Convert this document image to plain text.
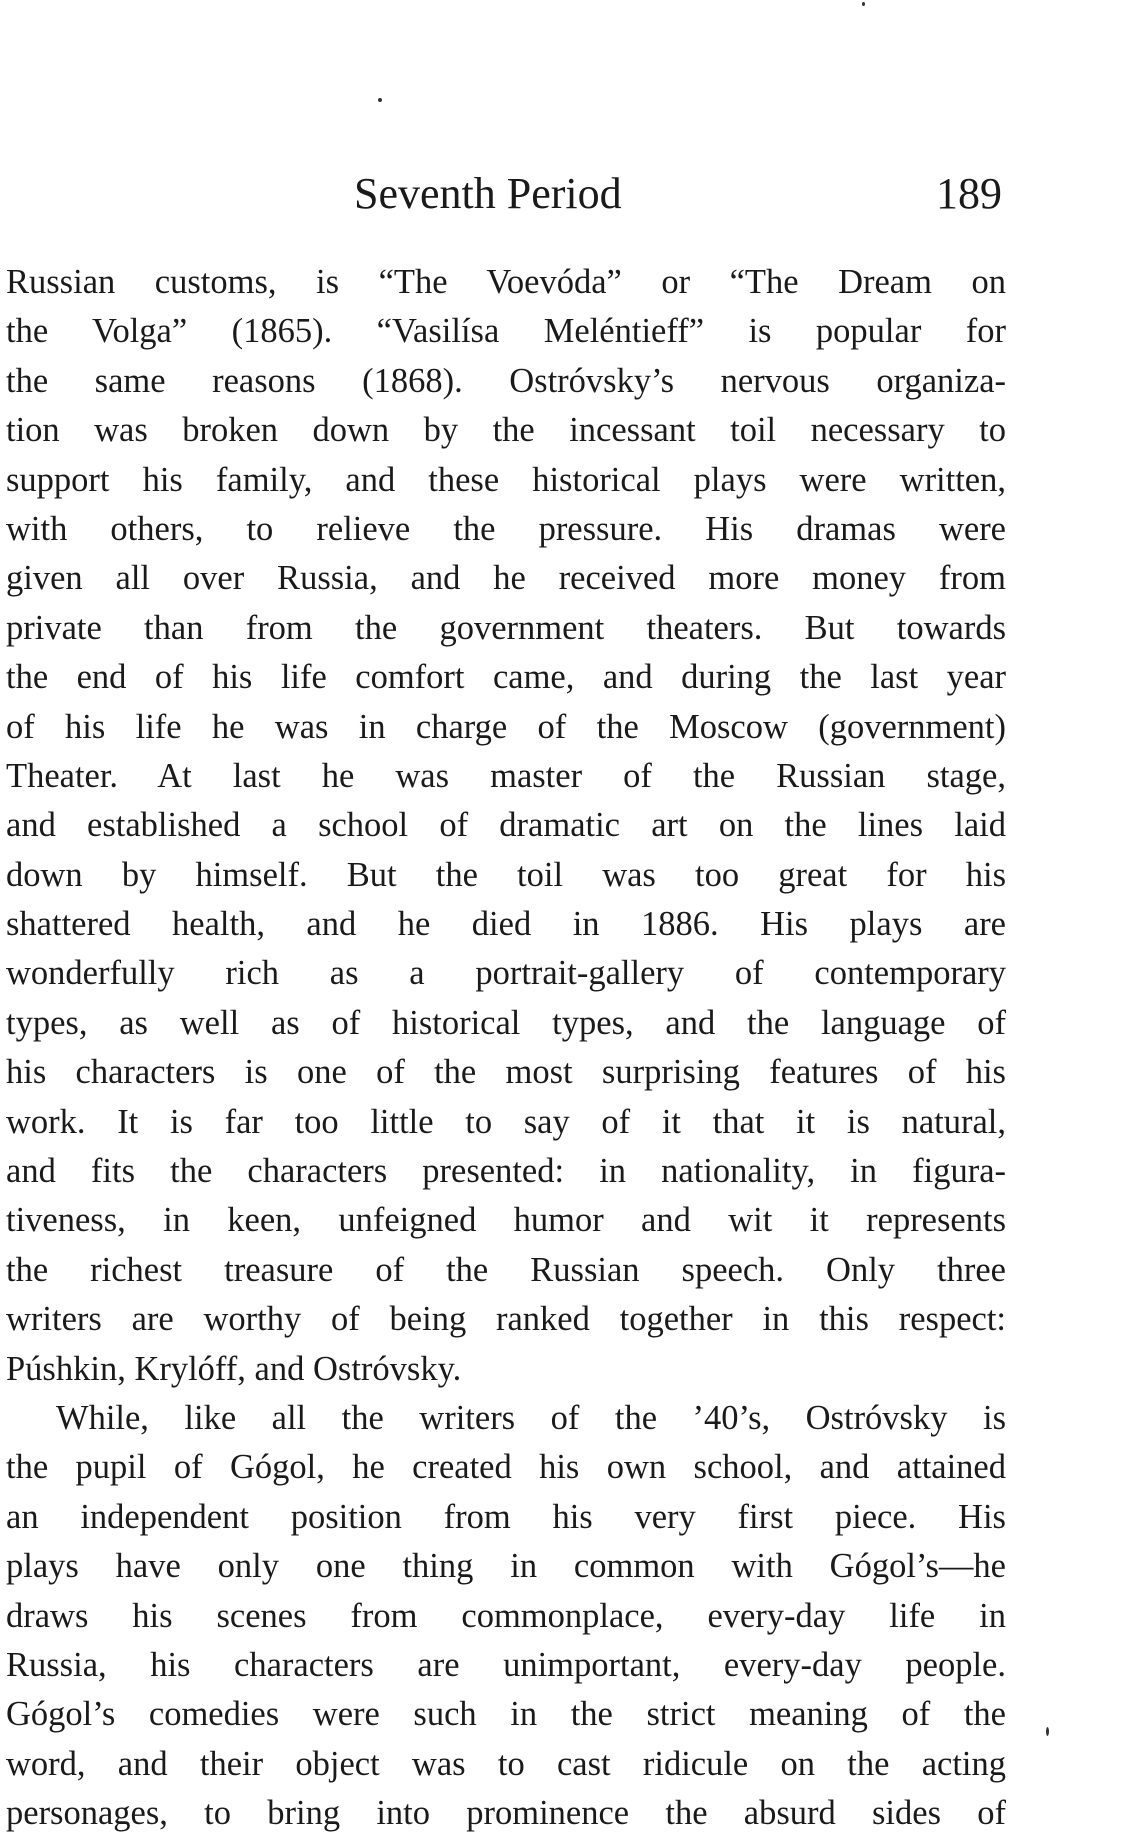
Seventh Period	189
Russian customs, is “The Voevóda” or “The Dream on
the Volga” (1865). “Vasilísa Meléntieff” is popular for
the same reasons (1868). Ostróvsky’s nervous organiza-
tion was broken down by the incessant toil necessary to
support his family, and these historical plays were written,
with others, to relieve the pressure. His dramas were
given all over Russia, and he received more money from
private than from the government theaters. But towards
the end of his life comfort came, and during the last year
of his life he was in charge of the Moscow (government)
Theater. At last he was master of the Russian stage,
and established a school of dramatic art on the lines laid
down by himself. But the toil was too great for his
shattered health, and he died in 1886. His plays are
wonderfully rich as a portrait-gallery of contemporary
types, as well as of historical types, and the language of
his characters is one of the most surprising features of his
work. It is far too little to say of it that it is natural,
and fits the characters presented: in nationality, in figura-
tiveness, in keen, unfeigned humor and wit it represents
the richest treasure of the Russian speech. Only three
writers are worthy of being ranked together in this respect:
Púshkin, Krylóff, and Ostróvsky.
While, like all the writers of the ’40’s, Ostróvsky is
the pupil of Gógol, he created his own school, and attained
an independent position from his very first piece. His
plays have only one thing in common with Gógol’s—he
draws his scenes from commonplace, every-day life in
Russia, his characters are unimportant, every-day people.
Gógol’s comedies were such in the strict meaning of the
word, and their object was to cast ridicule on the acting
personages, to bring into prominence the absurd sides of
